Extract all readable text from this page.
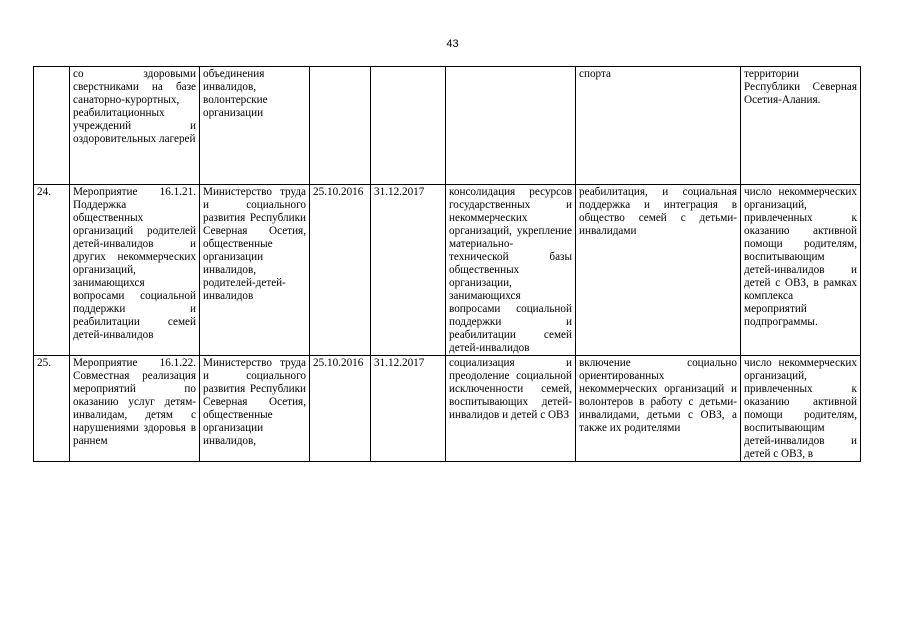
43
	со здоровыми сверстниками на базе санаторно-курортных, реабилитационных учреждений и оздоровительных лагерей	объединения инвалидов, волонтерские организации				спорта	территории Республики Северная Осетия-Алания.
24.	Мероприятие 16.1.21. Поддержка общественных организаций родителей детей-инвалидов и других некоммерческих организаций, занимающихся вопросами социальной поддержки и реабилитации семей детей-инвалидов	Министерство труда и социального развития Республики Северная Осетия, общественные организации инвалидов, родителей-детей-инвалидов	25.10.2016	31.12.2017	консолидация ресурсов государственных и некоммерческих организаций, укрепление материально-технической базы общественных организации, занимающихся вопросами социальной поддержки и реабилитации семей детей-инвалидов	реабилитация, и социальная поддержка и интеграция в общество семей с детьми-инвалидами	число некоммерческих организаций, привлеченных к оказанию активной помощи родителям, воспитывающим детей-инвалидов и детей с ОВЗ, в рамках комплекса мероприятий подпрограммы.
25.	Мероприятие 16.1.22. Совместная реализация мероприятий по оказанию услуг детям-инвалидам, детям с нарушениями здоровья в раннем	Министерство труда и социального развития Республики Северная Осетия, общественные организации инвалидов,	25.10.2016	31.12.2017	социализация и преодоление социальной исключенности семей, воспитывающих детей-инвалидов и детей с ОВЗ	включение социально ориентированных некоммерческих организаций и волонтеров в работу с детьми-инвалидами, детьми с ОВЗ, а также их родителями	число некоммерческих организаций, привлеченных к оказанию активной помощи родителям, воспитывающим детей-инвалидов и детей с ОВЗ, в
